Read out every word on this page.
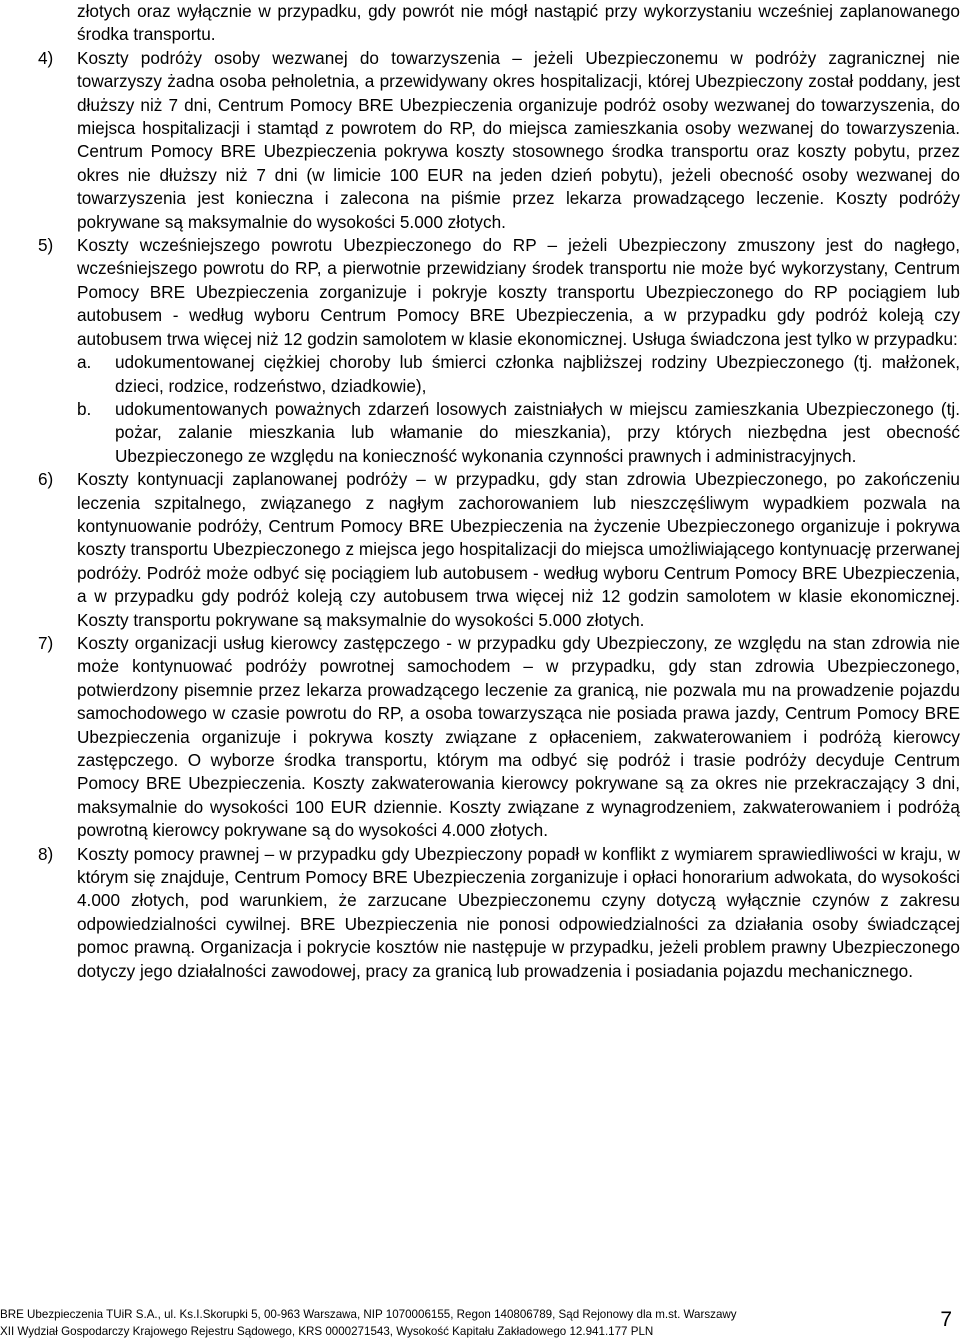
złotych oraz wyłącznie w przypadku, gdy powrót nie mógł nastąpić przy wykorzystaniu wcześniej zaplanowanego środka transportu.
4)	Koszty podróży osoby wezwanej do towarzyszenia – jeżeli Ubezpieczonemu w podróży zagranicznej nie towarzyszy żadna osoba pełnoletnia, a przewidywany okres hospitalizacji, której Ubezpieczony został poddany, jest dłuższy niż 7 dni, Centrum Pomocy BRE Ubezpieczenia organizuje podróż osoby wezwanej do towarzyszenia, do miejsca hospitalizacji i stamtąd z powrotem do RP, do miejsca zamieszkania osoby wezwanej do towarzyszenia. Centrum Pomocy BRE Ubezpieczenia pokrywa koszty stosownego środka transportu oraz koszty pobytu, przez okres nie dłuższy niż 7 dni (w limicie 100 EUR na jeden dzień pobytu), jeżeli obecność osoby wezwanej do towarzyszenia jest konieczna i zalecona na piśmie przez lekarza prowadzącego leczenie. Koszty podróży pokrywane są maksymalnie do wysokości 5.000 złotych.
5)	Koszty wcześniejszego powrotu Ubezpieczonego do RP – jeżeli Ubezpieczony zmuszony jest do nagłego, wcześniejszego powrotu do RP, a pierwotnie przewidziany środek transportu nie może być wykorzystany, Centrum Pomocy BRE Ubezpieczenia zorganizuje i pokryje koszty transportu Ubezpieczonego do RP pociągiem lub autobusem - według wyboru Centrum Pomocy BRE Ubezpieczenia, a w przypadku gdy podróż koleją czy autobusem trwa więcej niż 12 godzin samolotem w klasie ekonomicznej. Usługa świadczona jest tylko w przypadku:
a.	udokumentowanej ciężkiej choroby lub śmierci członka najbliższej rodziny Ubezpieczonego (tj. małżonek, dzieci, rodzice, rodzeństwo, dziadkowie),
b.	udokumentowanych poważnych zdarzeń losowych zaistniałych w miejscu zamieszkania Ubezpieczonego (tj. pożar, zalanie mieszkania lub włamanie do mieszkania), przy których niezbędna jest obecność Ubezpieczonego ze względu na konieczność wykonania czynności prawnych i administracyjnych.
6)	Koszty kontynuacji zaplanowanej podróży – w przypadku, gdy stan zdrowia Ubezpieczonego, po zakończeniu leczenia szpitalnego, związanego z nagłym zachorowaniem lub nieszczęśliwym wypadkiem pozwala na kontynuowanie podróży, Centrum Pomocy BRE Ubezpieczenia na życzenie Ubezpieczonego organizuje i pokrywa koszty transportu Ubezpieczonego z miejsca jego hospitalizacji do miejsca umożliwiającego kontynuację przerwanej podróży. Podróż może odbyć się pociągiem lub autobusem - według wyboru Centrum Pomocy BRE Ubezpieczenia, a w przypadku gdy podróż koleją czy autobusem trwa więcej niż 12 godzin samolotem w klasie ekonomicznej. Koszty transportu pokrywane są maksymalnie do wysokości 5.000 złotych.
7)	Koszty organizacji usług kierowcy zastępczego - w przypadku gdy Ubezpieczony, ze względu na stan zdrowia nie może kontynuować podróży powrotnej samochodem – w przypadku, gdy stan zdrowia Ubezpieczonego, potwierdzony pisemnie przez lekarza prowadzącego leczenie za granicą, nie pozwala mu na prowadzenie pojazdu samochodowego w czasie powrotu do RP, a osoba towarzysząca nie posiada prawa jazdy, Centrum Pomocy BRE Ubezpieczenia organizuje i pokrywa koszty związane z opłaceniem, zakwaterowaniem i podróżą kierowcy zastępczego. O wyborze środka transportu, którym ma odbyć się podróż i trasie podróży decyduje Centrum Pomocy BRE Ubezpieczenia. Koszty zakwaterowania kierowcy pokrywane są za okres nie przekraczający 3 dni, maksymalnie do wysokości 100 EUR dziennie. Koszty związane z wynagrodzeniem, zakwaterowaniem i podróżą powrotną kierowcy pokrywane są do wysokości 4.000 złotych.
8)	Koszty pomocy prawnej – w przypadku gdy Ubezpieczony popadł w konflikt z wymiarem sprawiedliwości w kraju, w którym się znajduje, Centrum Pomocy BRE Ubezpieczenia zorganizuje i opłaci honorarium adwokata, do wysokości 4.000 złotych, pod warunkiem, że zarzucane Ubezpieczonemu czyny dotyczą wyłącznie czynów z zakresu odpowiedzialności cywilnej. BRE Ubezpieczenia nie ponosi odpowiedzialności za działania osoby świadczącej pomoc prawną. Organizacja i pokrycie kosztów nie następuje w przypadku, jeżeli problem prawny Ubezpieczonego dotyczy jego działalności zawodowej, pracy za granicą lub prowadzenia i posiadania pojazdu mechanicznego.
BRE Ubezpieczenia TUiR S.A., ul. Ks.I.Skorupki 5, 00-963 Warszawa, NIP 1070006155, Regon 140806789, Sąd Rejonowy dla m.st. Warszawy
XII Wydział Gospodarczy Krajowego Rejestru Sądowego, KRS 0000271543, Wysokość Kapitału Zakładowego 12.941.177 PLN
7
